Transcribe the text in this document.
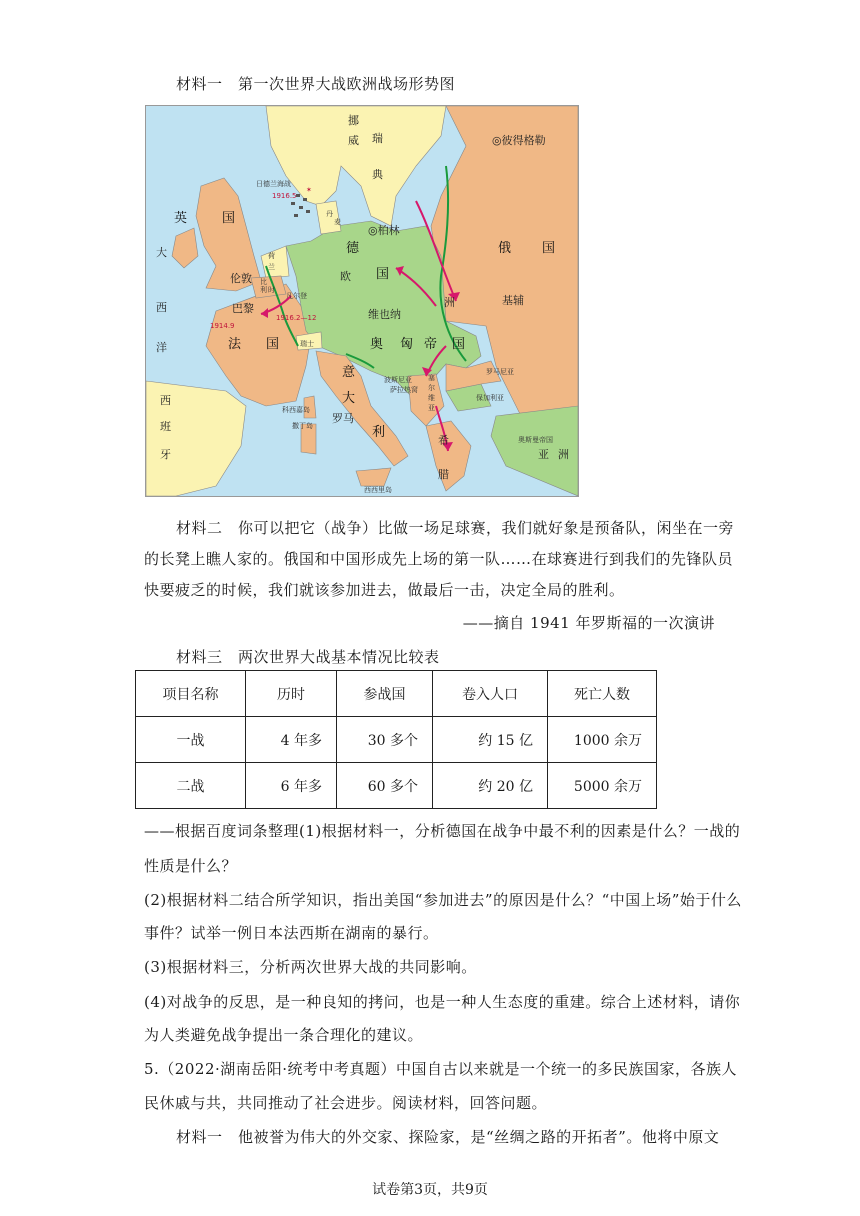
材料一　第一次世界大战欧洲战场形势图
✶
挪
威 瑞
典
◎彼得格勒
日德兰海战
1916.5
丹
麦
英	国
伦敦
大
西
洋
荷
兰
比
利 时
◎柏林
德
国
凡尔登
1916.2—12
巴黎
1914.9
法 国	瑞士
维也纳
欧
洲
奥 匈 帝 国
俄 国
基辅
罗马尼亚
保加利亚
塞
尔
维
亚
萨拉热窝
波斯尼亚
意
大
利
罗马
西
班
牙
科西嘉岛
撒丁岛
希
腊
奥斯曼帝国
亚 洲
西西里岛
材料二　你可以把它（战争）比做一场足球赛，我们就好象是预备队，闲坐在一旁
的长凳上瞧人家的。俄国和中国形成先上场的第一队……在球赛进行到我们的先锋队员
快要疲乏的时候，我们就该参加进去，做最后一击，决定全局的胜利。
——摘自 1941 年罗斯福的一次演讲
材料三　两次世界大战基本情况比较表
项目名称	历时	参战国	卷入人口	死亡人数
一战	4 年多	30 多个	约 15 亿	1000 余万
二战	6 年多	60 多个	约 20 亿	5000 余万
——根据百度词条整理(1)根据材料一，分析德国在战争中最不利的因素是什么？一战的
性质是什么？
(2)根据材料二结合所学知识，指出美国“参加进去”的原因是什么？“中国上场”始于什么
事件？试举一例日本法西斯在湖南的暴行。
(3)根据材料三，分析两次世界大战的共同影响。
(4)对战争的反思，是一种良知的拷问，也是一种人生态度的重建。综合上述材料，请你
为人类避免战争提出一条合理化的建议。
5.（2022·湖南岳阳·统考中考真题）中国自古以来就是一个统一的多民族国家，各族人
民休戚与共，共同推动了社会进步。阅读材料，回答问题。
材料一　他被誉为伟大的外交家、探险家，是“丝绸之路的开拓者”。他将中原文
试卷第3页，共9页
